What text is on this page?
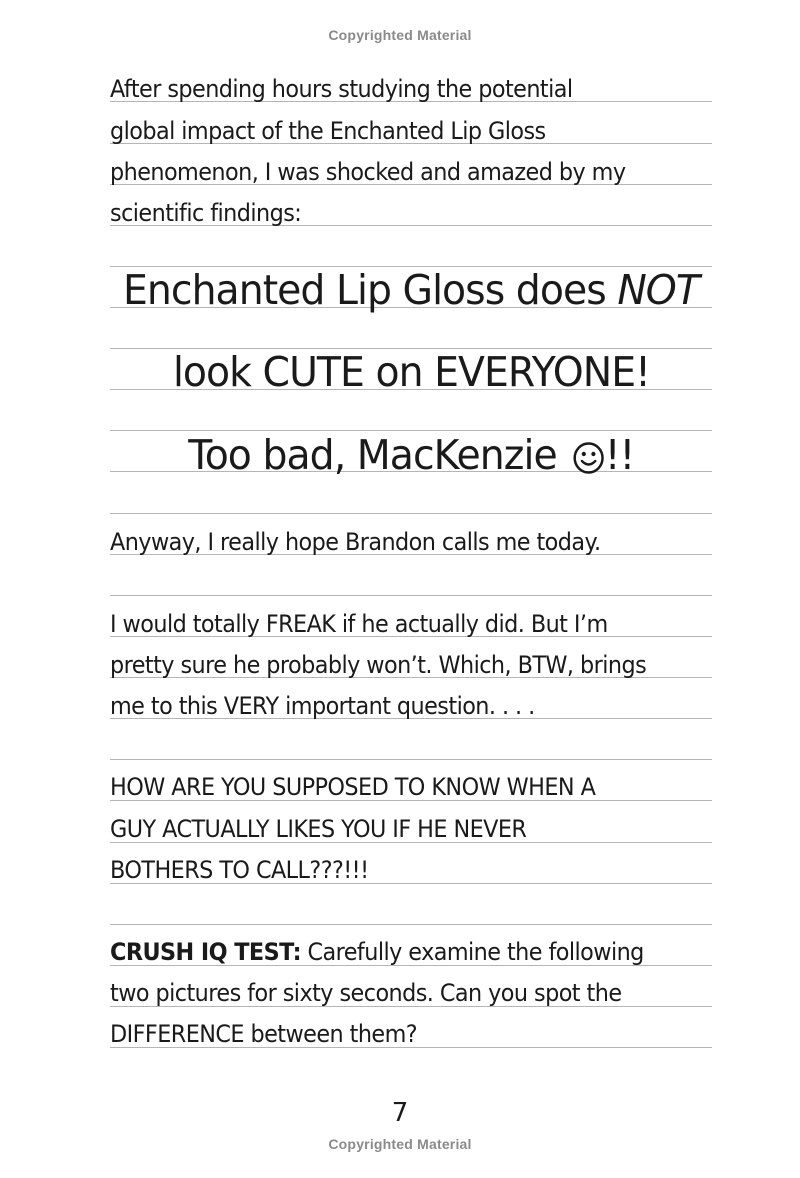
Copyrighted Material
After spending hours studying the potential
global impact of the Enchanted Lip Gloss
phenomenon, I was shocked and amazed by my
scientific findings:
Enchanted Lip Gloss does NOT
look CUTE on EVERYONE!
Too bad, MacKenzie !!
Anyway, I really hope Brandon calls me today.
I would totally FREAK if he actually did. But I’m
pretty sure he probably won’t. Which, BTW, brings
me to this VERY important question. . . .
HOW ARE YOU SUPPOSED TO KNOW WHEN A
GUY ACTUALLY LIKES YOU IF HE NEVER
BOTHERS TO CALL???!!!
CRUSH IQ TEST: Carefully examine the following
two pictures for sixty seconds. Can you spot the
DIFFERENCE between them?
7
Copyrighted Material
